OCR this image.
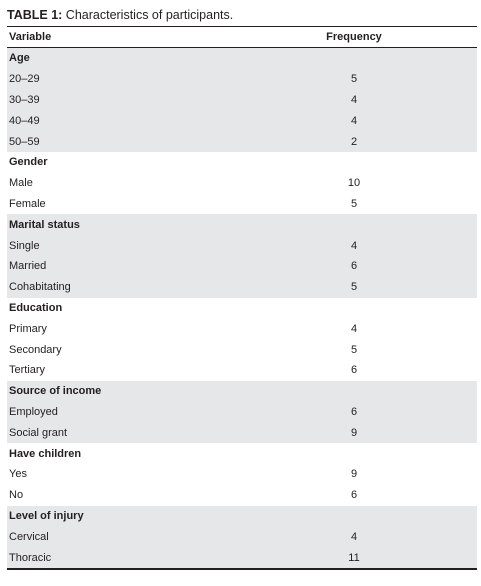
TABLE 1: Characteristics of participants.
Variable	Frequency
Age
20–29	5
30–39	4
40–49	4
50–59	2
Gender
Male	10
Female	5
Marital status
Single	4
Married	6
Cohabitating	5
Education
Primary	4
Secondary	5
Tertiary	6
Source of income
Employed	6
Social grant	9
Have children
Yes	9
No	6
Level of injury
Cervical	4
Thoracic	11
